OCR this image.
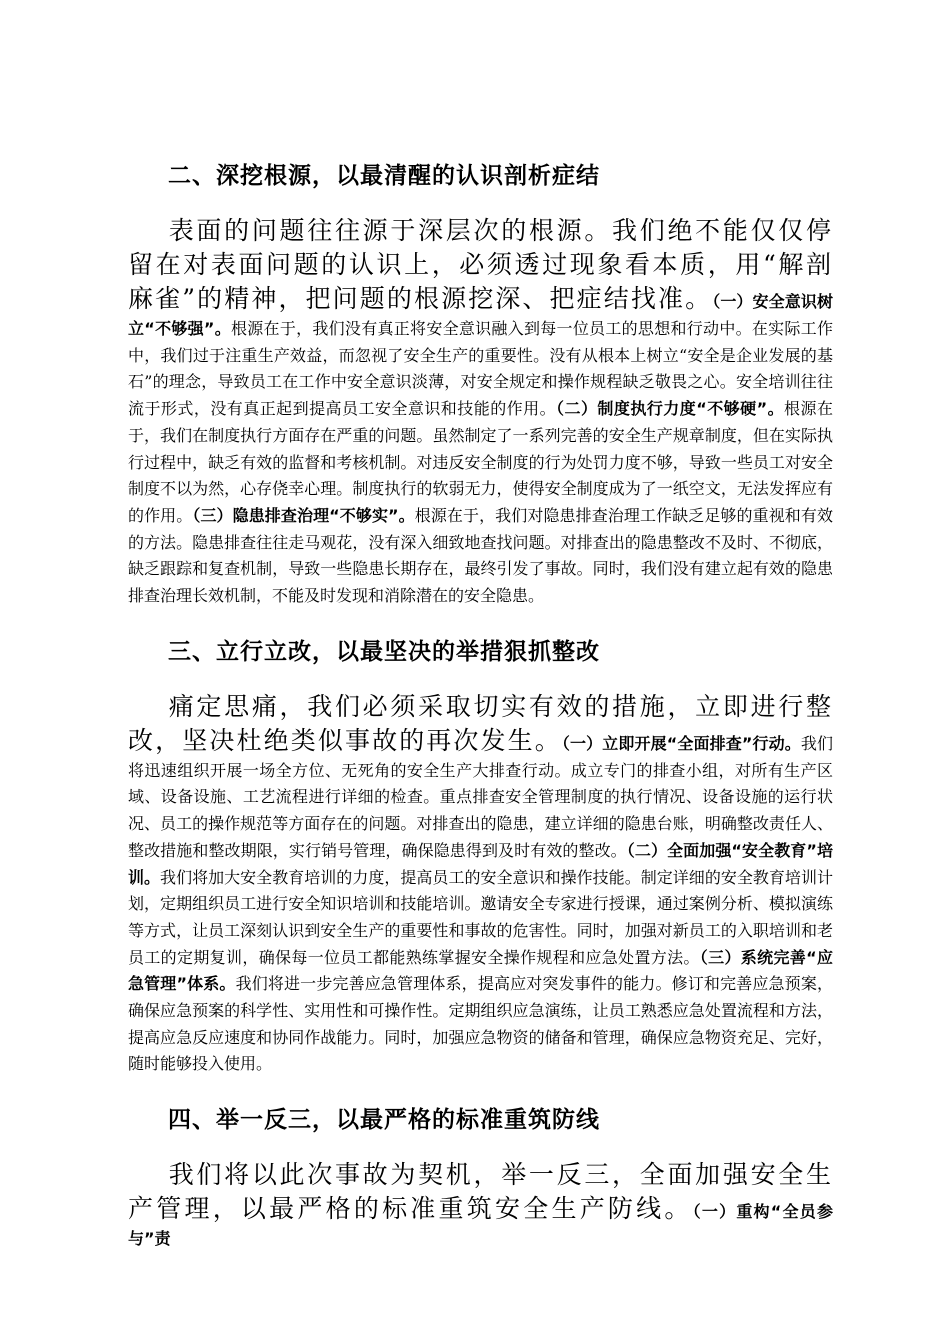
二、深挖根源，以最清醒的认识剖析症结
表面的问题往往源于深层次的根源。我们绝不能仅仅停留在对表面问题的认识上，必须透过现象看本质，用“解剖麻雀”的精神，把问题的根源挖深、把症结找准。（一）安全意识树立“不够强”。根源在于，我们没有真正将安全意识融入到每一位员工的思想和行动中。在实际工作中，我们过于注重生产效益，而忽视了安全生产的重要性。没有从根本上树立“安全是企业发展的基石”的理念，导致员工在工作中安全意识淡薄，对安全规定和操作规程缺乏敬畏之心。安全培训往往流于形式，没有真正起到提高员工安全意识和技能的作用。（二）制度执行力度“不够硬”。根源在于，我们在制度执行方面存在严重的问题。虽然制定了一系列完善的安全生产规章制度，但在实际执行过程中，缺乏有效的监督和考核机制。对违反安全制度的行为处罚力度不够，导致一些员工对安全制度不以为然，心存侥幸心理。制度执行的软弱无力，使得安全制度成为了一纸空文，无法发挥应有的作用。（三）隐患排查治理“不够实”。根源在于，我们对隐患排查治理工作缺乏足够的重视和有效的方法。隐患排查往往走马观花，没有深入细致地查找问题。对排查出的隐患整改不及时、不彻底，缺乏跟踪和复查机制，导致一些隐患长期存在，最终引发了事故。同时，我们没有建立起有效的隐患排查治理长效机制，不能及时发现和消除潜在的安全隐患。
三、立行立改，以最坚决的举措狠抓整改
痛定思痛，我们必须采取切实有效的措施，立即进行整改，坚决杜绝类似事故的再次发生。（一）立即开展“全面排查”行动。我们将迅速组织开展一场全方位、无死角的安全生产大排查行动。成立专门的排查小组，对所有生产区域、设备设施、工艺流程进行详细的检查。重点排查安全管理制度的执行情况、设备设施的运行状况、员工的操作规范等方面存在的问题。对排查出的隐患，建立详细的隐患台账，明确整改责任人、整改措施和整改期限，实行销号管理，确保隐患得到及时有效的整改。（二）全面加强“安全教育”培训。我们将加大安全教育培训的力度，提高员工的安全意识和操作技能。制定详细的安全教育培训计划，定期组织员工进行安全知识培训和技能培训。邀请安全专家进行授课，通过案例分析、模拟演练等方式，让员工深刻认识到安全生产的重要性和事故的危害性。同时，加强对新员工的入职培训和老员工的定期复训，确保每一位员工都能熟练掌握安全操作规程和应急处置方法。（三）系统完善“应急管理”体系。我们将进一步完善应急管理体系，提高应对突发事件的能力。修订和完善应急预案，确保应急预案的科学性、实用性和可操作性。定期组织应急演练，让员工熟悉应急处置流程和方法，提高应急反应速度和协同作战能力。同时，加强应急物资的储备和管理，确保应急物资充足、完好，随时能够投入使用。
四、举一反三，以最严格的标准重筑防线
我们将以此次事故为契机，举一反三，全面加强安全生产管理，以最严格的标准重筑安全生产防线。（一）重构“全员参与”责
